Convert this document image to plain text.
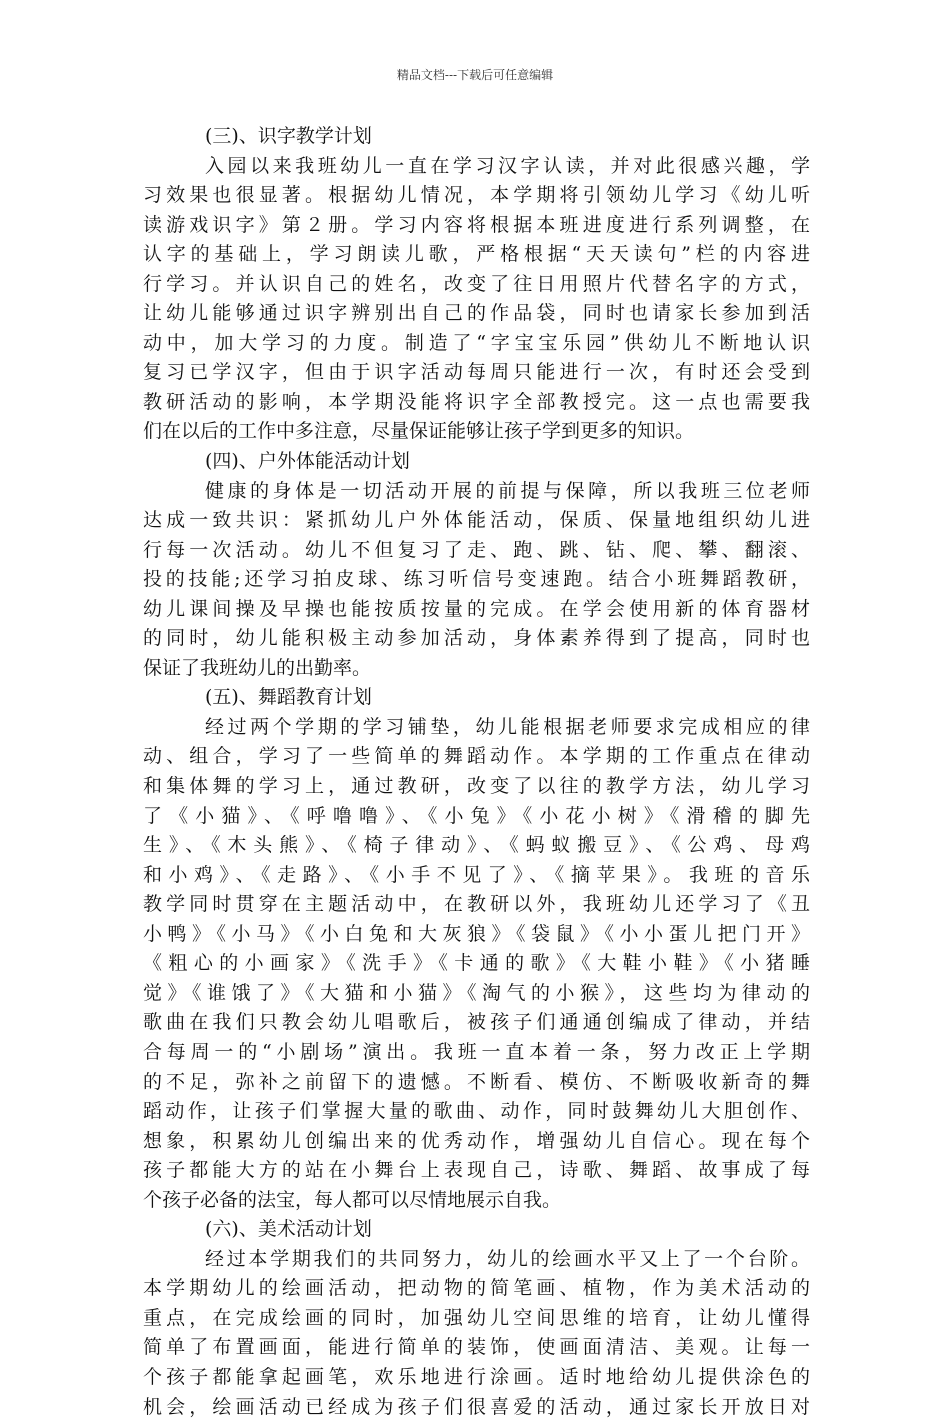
精品文档---下载后可任意编辑
(三)、识字教学计划
入园以来我班幼儿一直在学习汉字认读，并对此很感兴趣，学
习效果也很显著。根据幼儿情况，本学期将引领幼儿学习《幼儿听
读游戏识字》第２册。学习内容将根据本班进度进行系列调整，在
认字的基础上，学习朗读儿歌，严格根据“天天读句”栏的内容进
行学习。并认识自己的姓名，改变了往日用照片代替名字的方式，
让幼儿能够通过识字辨别出自己的作品袋，同时也请家长参加到活
动中，加大学习的力度。制造了“字宝宝乐园”供幼儿不断地认识
复习已学汉字，但由于识字活动每周只能进行一次，有时还会受到
教研活动的影响，本学期没能将识字全部教授完。这一点也需要我
们在以后的工作中多注意，尽量保证能够让孩子学到更多的知识。
(四)、户外体能活动计划
健康的身体是一切活动开展的前提与保障，所以我班三位老师
达成一致共识：紧抓幼儿户外体能活动，保质、保量地组织幼儿进
行每一次活动。幼儿不但复习了走、跑、跳、钻、爬、攀、翻滚、
投的技能;还学习拍皮球、练习听信号变速跑。结合小班舞蹈教研，
幼儿课间操及早操也能按质按量的完成。在学会使用新的体育器材
的同时，幼儿能积极主动参加活动，身体素养得到了提高，同时也
保证了我班幼儿的出勤率。
(五)、舞蹈教育计划
经过两个学期的学习铺垫，幼儿能根据老师要求完成相应的律
动、组合，学习了一些简单的舞蹈动作。本学期的工作重点在律动
和集体舞的学习上，通过教研，改变了以往的教学方法，幼儿学习
了《小猫》、《呼噜噜》、《小兔》《小花小树》《滑稽的脚先
生》、《木头熊》、《椅子律动》、《蚂蚁搬豆》、《公鸡、母鸡
和小鸡》、《走路》、《小手不见了》、《摘苹果》。我班的音乐
教学同时贯穿在主题活动中，在教研以外，我班幼儿还学习了《丑
小鸭》《小马》《小白兔和大灰狼》《袋鼠》《小小蛋儿把门开》
《粗心的小画家》《洗手》《卡通的歌》《大鞋小鞋》《小猪睡
觉》《谁饿了》《大猫和小猫》《淘气的小猴》，这些均为律动的
歌曲在我们只教会幼儿唱歌后，被孩子们通通创编成了律动，并结
合每周一的“小剧场”演出。我班一直本着一条，努力改正上学期
的不足，弥补之前留下的遗憾。不断看、模仿、不断吸收新奇的舞
蹈动作，让孩子们掌握大量的歌曲、动作，同时鼓舞幼儿大胆创作、
想象，积累幼儿创编出来的优秀动作，增强幼儿自信心。现在每个
孩子都能大方的站在小舞台上表现自己，诗歌、舞蹈、故事成了每
个孩子必备的法宝，每人都可以尽情地展示自我。
(六)、美术活动计划
经过本学期我们的共同努力，幼儿的绘画水平又上了一个台阶。
本学期幼儿的绘画活动，把动物的简笔画、植物，作为美术活动的
重点，在完成绘画的同时，加强幼儿空间思维的培育，让幼儿懂得
简单了布置画面，能进行简单的装饰，使画面清洁、美观。让每一
个孩子都能拿起画笔，欢乐地进行涂画。适时地给幼儿提供涂色的
机会，绘画活动已经成为孩子们很喜爱的活动，通过家长开放日对
